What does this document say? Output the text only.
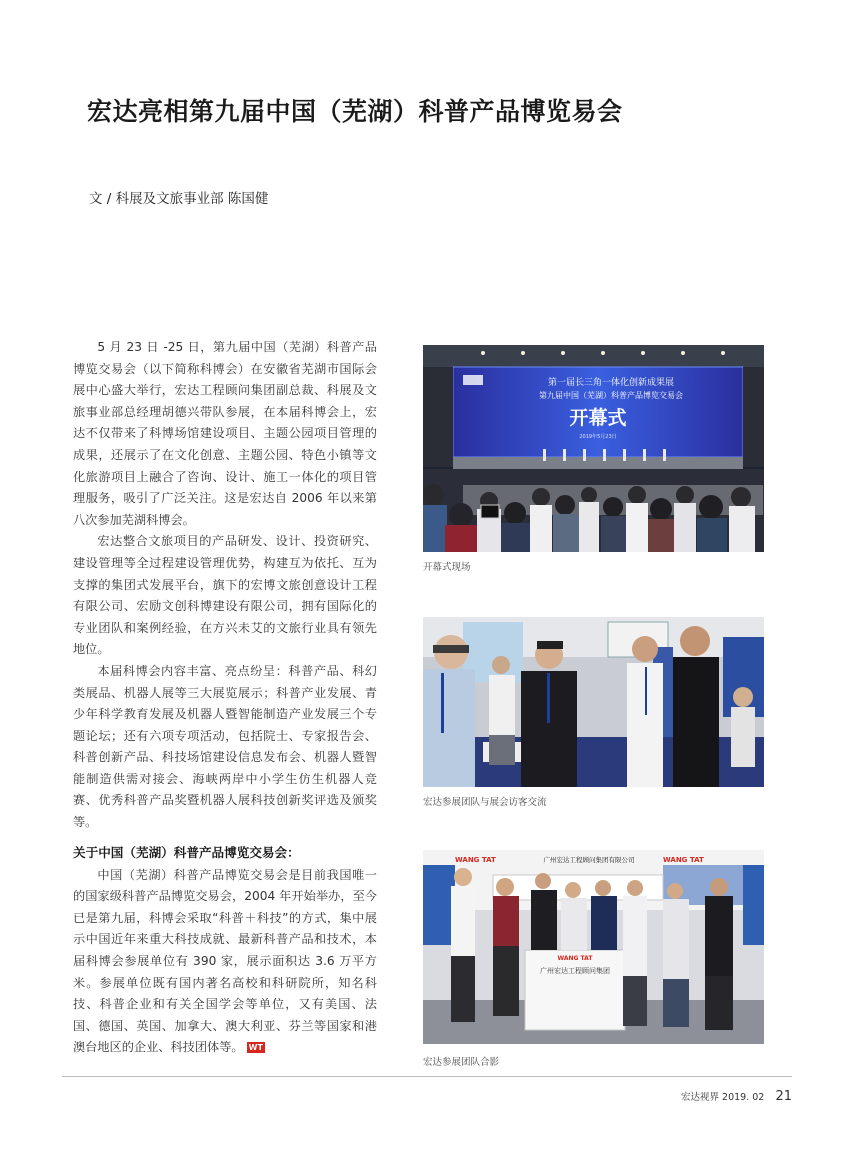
宏达亮相第九届中国（芜湖）科普产品博览易会
文 / 科展及文旅事业部 陈国健

5 月 23 日 -25 日，第九届中国（芜湖）科普产品博览交易会（以下简称科博会）在安徽省芜湖市国际会展中心盛大举行，宏达工程顾问集团副总裁、科展及文旅事业部总经理胡德兴带队参展，在本届科博会上，宏达不仅带来了科博场馆建设项目、主题公园项目管理的成果，还展示了在文化创意、主题公园、特色小镇等文化旅游项目上融合了咨询、设计、施工一体化的项目管理服务，吸引了广泛关注。这是宏达自 2006 年以来第八次参加芜湖科博会。

宏达整合文旅项目的产品研发、设计、投资研究、建设管理等全过程建设管理优势，构建互为依托、互为支撑的集团式发展平台，旗下的宏博文旅创意设计工程有限公司、宏励文创科博建设有限公司，拥有国际化的专业团队和案例经验，在方兴未艾的文旅行业具有领先地位。

本届科博会内容丰富、亮点纷呈：科普产品、科幻类展品、机器人展等三大展览展示；科普产业发展、青少年科学教育发展及机器人暨智能制造产业发展三个专题论坛；还有六项专项活动，包括院士、专家报告会、科普创新产品、科技场馆建设信息发布会、机器人暨智能制造供需对接会、海峡两岸中小学生仿生机器人竞赛、优秀科普产品奖暨机器人展科技创新奖评选及颁奖等。

关于中国（芜湖）科普产品博览交易会：

中国（芜湖）科普产品博览交易会是目前我国唯一的国家级科普产品博览交易会，2004 年开始举办，至今已是第九届，科博会采取“科普＋科技”的方式，集中展示中国近年来重大科技成就、最新科普产品和技术，本届科博会参展单位有 390 家，展示面积达 3.6 万平方米。参展单位既有国内著名高校和科研院所，知名科技、科普企业和有关全国学会等单位，又有美国、法国、德国、英国、加拿大、澳大利亚、芬兰等国家和港澳台地区的企业、科技团体等。 WT

第一届长三角一体化创新成果展
第九届中国（芜湖）科普产品博览交易会
开幕式
2019年5月23日
开幕式现场
宏达参展团队与展会访客交流
WANG TAT	WANG TAT
广州宏达工程顾问集团有限公司
WANG TAT
广州宏达工程顾问集团
宏达参展团队合影
宏达视界 2019. 02 21
